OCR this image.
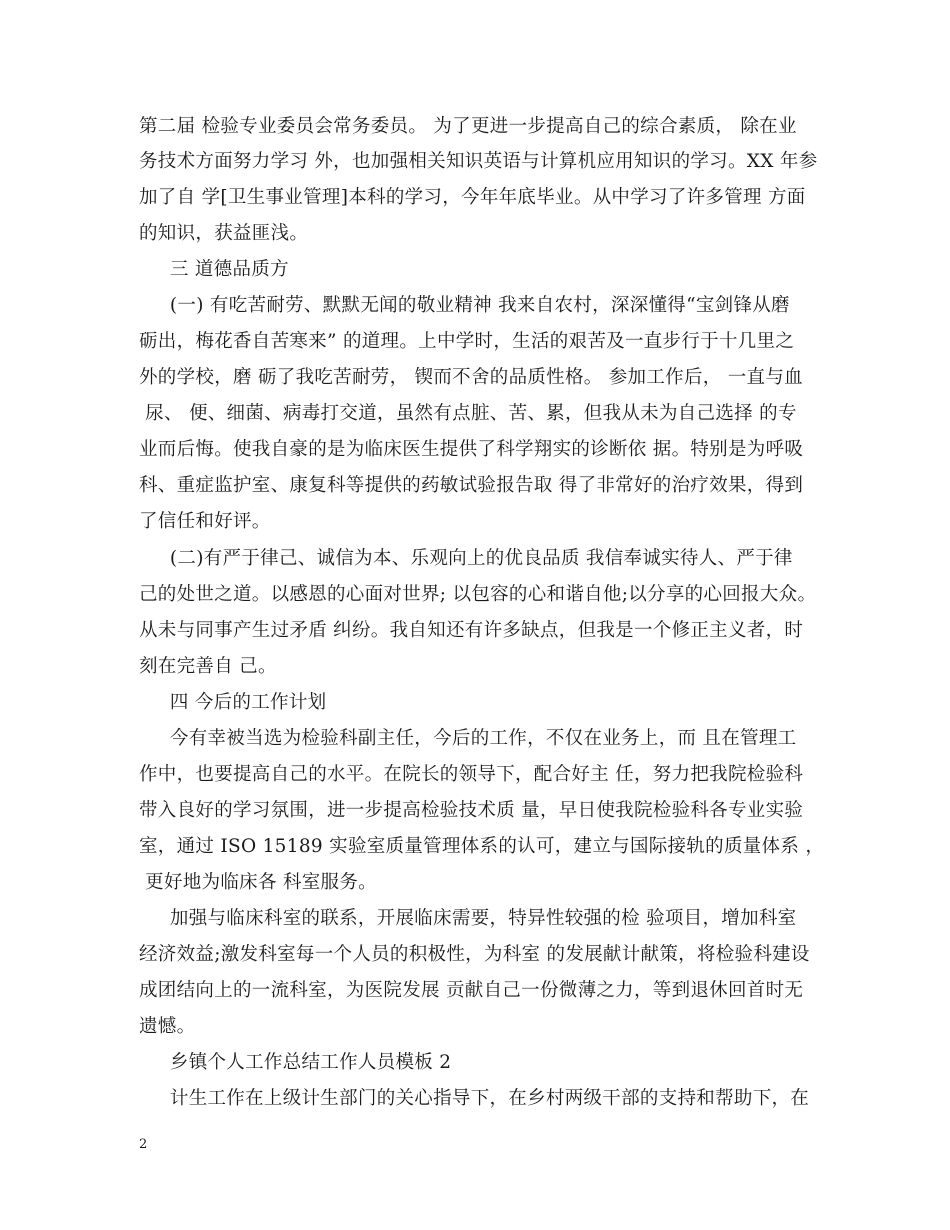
第二届 检验专业委员会常务委员。 为了更进一步提高自己的综合素质， 除在业
务技术方面努力学习 外，也加强相关知识英语与计算机应用知识的学习。XX 年参
加了自 学[卫生事业管理]本科的学习，今年年底毕业。从中学习了许多管理 方面
的知识，获益匪浅。
三 道德品质方
(一) 有吃苦耐劳、默默无闻的敬业精神 我来自农村，深深懂得“宝剑锋从磨
砺出，梅花香自苦寒来” 的道理。上中学时，生活的艰苦及一直步行于十几里之
外的学校，磨 砺了我吃苦耐劳， 锲而不舍的品质性格。 参加工作后， 一直与血
尿、 便、细菌、病毒打交道，虽然有点脏、苦、累，但我从未为自己选择 的专
业而后悔。使我自豪的是为临床医生提供了科学翔实的诊断依 据。特别是为呼吸
科、重症监护室、康复科等提供的药敏试验报告取 得了非常好的治疗效果，得到
了信任和好评。
(二)有严于律己、诚信为本、乐观向上的优良品质 我信奉诚实待人、严于律
己的处世之道。以感恩的心面对世界; 以包容的心和谐自他;以分享的心回报大众。
从未与同事产生过矛盾 纠纷。我自知还有许多缺点，但我是一个修正主义者，时
刻在完善自 己。
四 今后的工作计划
今有幸被当选为检验科副主任，今后的工作，不仅在业务上，而 且在管理工
作中，也要提高自己的水平。在院长的领导下，配合好主 任，努力把我院检验科
带入良好的学习氛围，进一步提高检验技术质 量，早日使我院检验科各专业实验
室，通过 ISO 15189 实验室质量管理体系的认可，建立与国际接轨的质量体系 ，
更好地为临床各 科室服务。
加强与临床科室的联系，开展临床需要，特异性较强的检 验项目，增加科室
经济效益;激发科室每一个人员的积极性，为科室 的发展献计献策，将检验科建设
成团结向上的一流科室，为医院发展 贡献自己一份微薄之力，等到退休回首时无
遗憾。
乡镇个人工作总结工作人员模板 2
计生工作在上级计生部门的关心指导下，在乡村两级干部的支持和帮助下，在
2
